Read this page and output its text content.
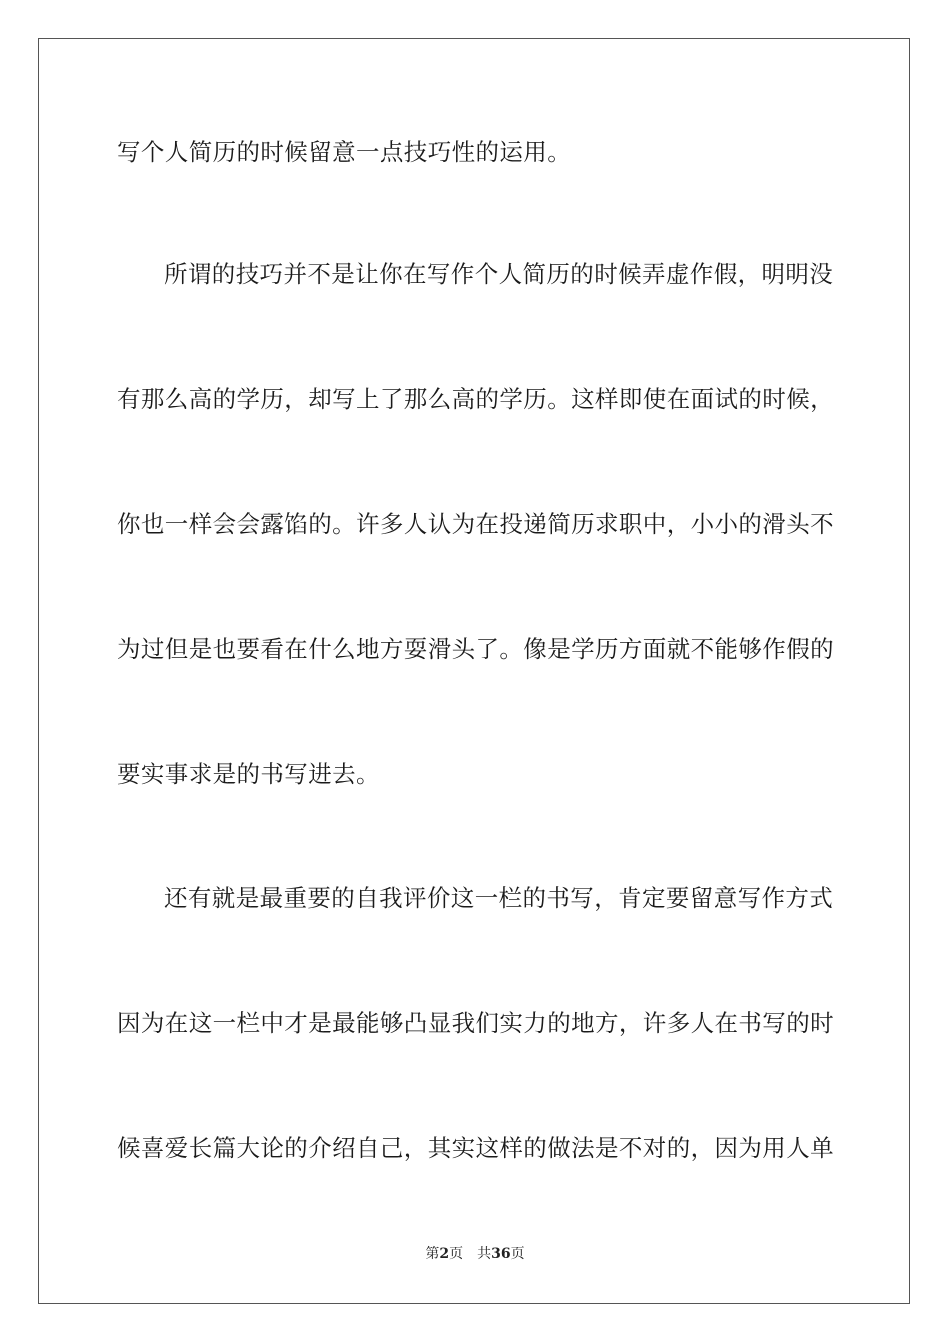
写个人简历的时候留意一点技巧性的运用。
所谓的技巧并不是让你在写作个人简历的时候弄虚作假，明明没
有那么高的学历，却写上了那么高的学历。这样即使在面试的时候，
你也一样会会露馅的。许多人认为在投递简历求职中，小小的滑头不
为过但是也要看在什么地方耍滑头了。像是学历方面就不能够作假的
要实事求是的书写进去。
还有就是最重要的自我评价这一栏的书写，肯定要留意写作方式
因为在这一栏中才是最能够凸显我们实力的地方，许多人在书写的时
候喜爱长篇大论的介绍自己，其实这样的做法是不对的，因为用人单
第2页 共36页
